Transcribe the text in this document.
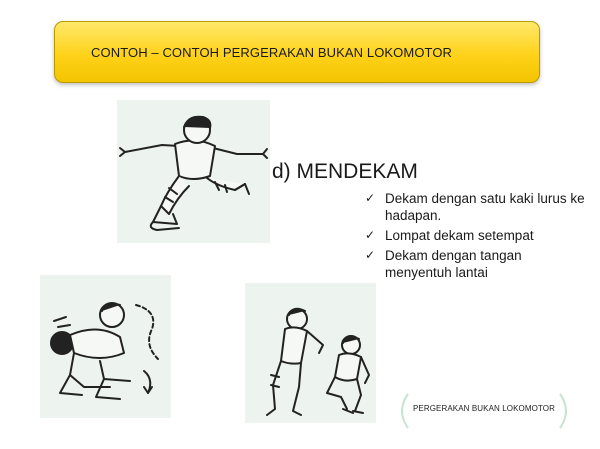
CONTOH – CONTOH PERGERAKAN BUKAN LOKOMOTOR
d) MENDEKAM
✓ Dekam dengan satu kaki lurus ke hadapan.
✓ Lompat dekam setempat
✓ Dekam dengan tangan menyentuh lantai
PERGERAKAN BUKAN LOKOMOTOR
